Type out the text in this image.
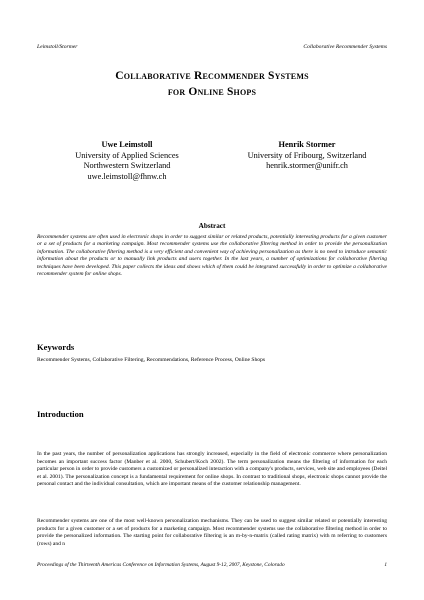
Leimstoll/Stormer	Collaborative Recommender Systems
Collaborative Recommender Systems
for Online Shops
Uwe Leimstoll
University of Applied Sciences
Northwestern Switzerland
uwe.leimstoll@fhnw.ch
Henrik Stormer
University of Fribourg, Switzerland
henrik.stormer@unifr.ch
Abstract
Recommender systems are often used in electronic shops in order to suggest similar or related products, potentially interesting products for a given customer or a set of products for a marketing campaign. Most recommender systems use the collaborative filtering method in order to provide the personalization information. The collaborative filtering method is a very efficient and convenient way of achieving personalization as there is no need to introduce semantic information about the products or to manually link products and users together. In the last years, a number of optimizations for collaborative filtering techniques have been developed. This paper collects the ideas and shows which of them could be integrated successfully in order to optimize a collaborative recommender system for online shops.
Keywords
Recommender Systems, Collaborative Filtering, Recommendations, Reference Process, Online Shops
Introduction
In the past years, the number of personalization applications has strongly increased, especially in the field of electronic commerce where personalization becomes an important success factor (Manber et al. 2000, Schubert/Koch 2002). The term personalization means the filtering of information for each particular person in order to provide customers a customized or personalized interaction with a company's products, services, web site and employees (Deitel et al. 2001). The personalization concept is a fundamental requirement for online shops. In contrast to traditional shops, electronic shops cannot provide the personal contact and the individual consultation, which are important means of the customer relationship management.
Recommender systems are one of the most well-known personalization mechanisms. They can be used to suggest similar related or potentially interesting products for a given customer or a set of products for a marketing campaign. Most recommender systems use the collaborative filtering method in order to provide the personalized information. The starting point for collaborative filtering is an m-by-n-matrix (called rating matrix) with m referring to customers (rows) and n
Proceedings of the Thirteenth Americas Conference on Information Systems, August 9-12, 2007, Keystone, Colorado	1
